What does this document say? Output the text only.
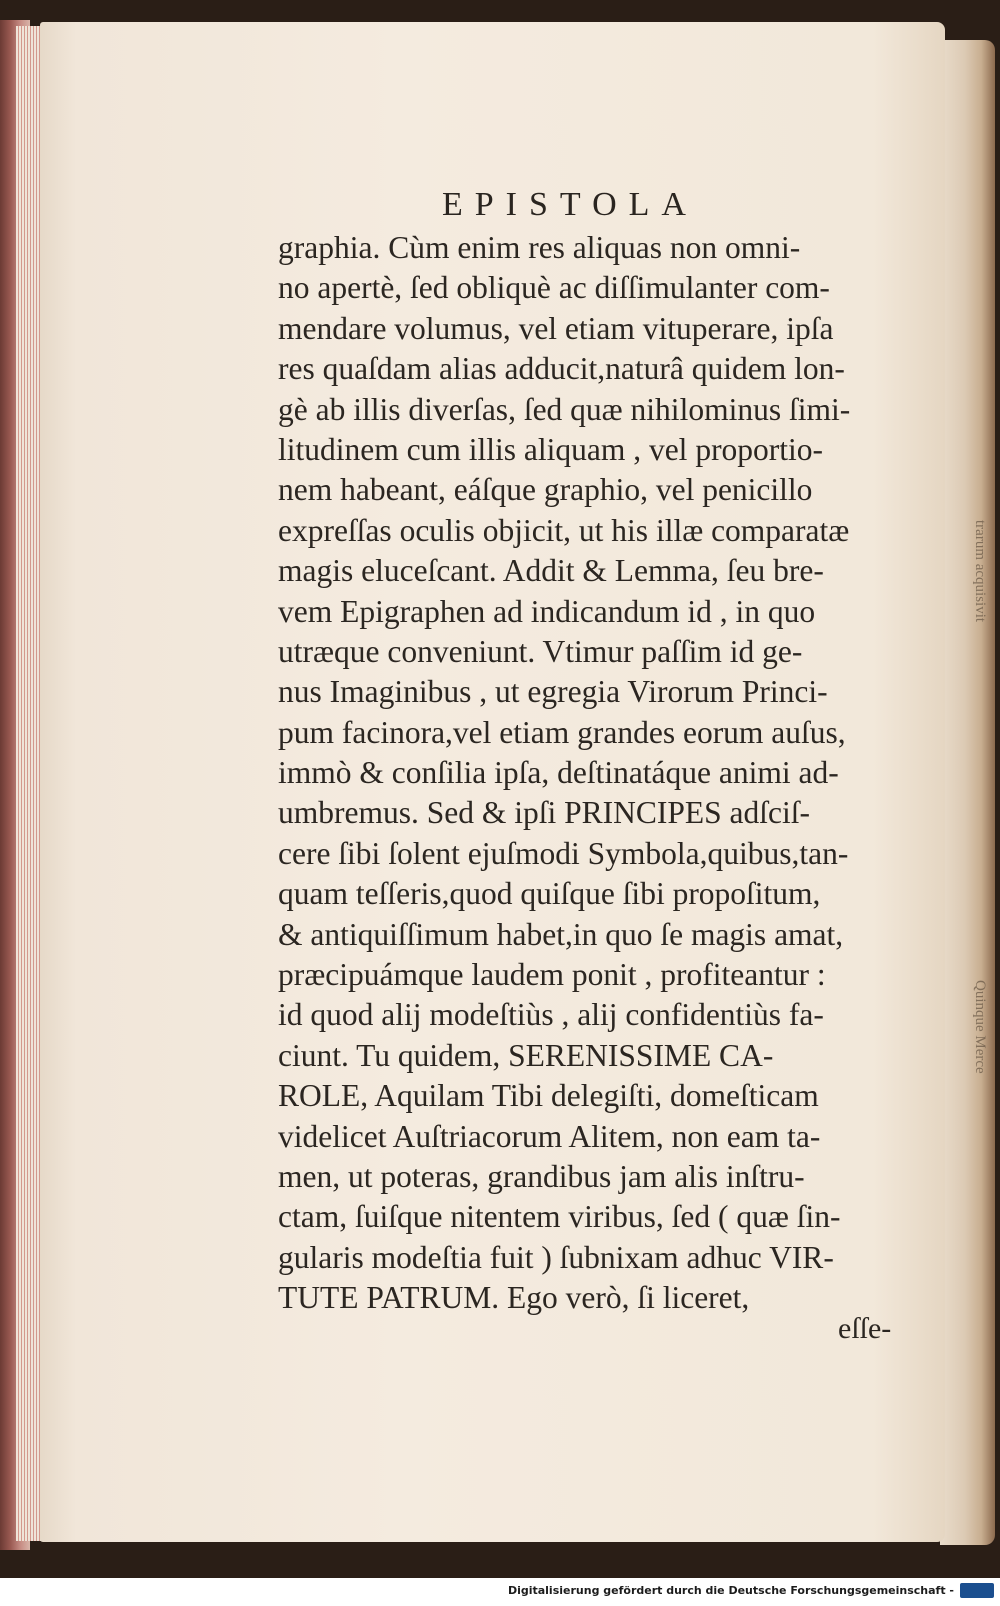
trarum acquisivit
Quinque Merce
EPISTOLA
graphia. Cùm enim res aliquas non omni-
no apertè, ſed obliquè ac diſſimulanter com-
mendare volumus, vel etiam vituperare, ipſa
res quaſdam alias adducit,naturâ quidem lon-
gè ab illis diverſas, ſed quæ nihilominus ſimi-
litudinem cum illis aliquam , vel proportio-
nem habeant, eáſque graphio, vel penicillo
expreſſas oculis objicit, ut his illæ comparatæ
magis eluceſcant. Addit & Lemma, ſeu bre-
vem Epigraphen ad indicandum id , in quo
utræque conveniunt. Vtimur paſſim id ge-
nus Imaginibus , ut egregia Virorum Princi-
pum facinora,vel etiam grandes eorum auſus,
immò & conſilia ipſa, deſtinatáque animi ad-
umbremus. Sed & ipſi PRINCIPES adſciſ-
cere ſibi ſolent ejuſmodi Symbola,quibus,tan-
quam teſſeris,quod quiſque ſibi propoſitum,
& antiquiſſimum habet,in quo ſe magis amat,
præcipuámque laudem ponit , profiteantur :
id quod alij modeſtiùs , alij confidentiùs fa-
ciunt. Tu quidem, SERENISSIME CA-
ROLE, Aquilam Tibi delegiſti, domeſticam
videlicet Auſtriacorum Alitem, non eam ta-
men, ut poteras, grandibus jam alis inſtru-
ctam, ſuiſque nitentem viribus, ſed ( quæ ſin-
gularis modeſtia fuit ) ſubnixam adhuc VIR-
TUTE PATRUM. Ego verò, ſi liceret,
eſſe-
Digitalisierung gefördert durch die Deutsche Forschungsgemeinschaft -
